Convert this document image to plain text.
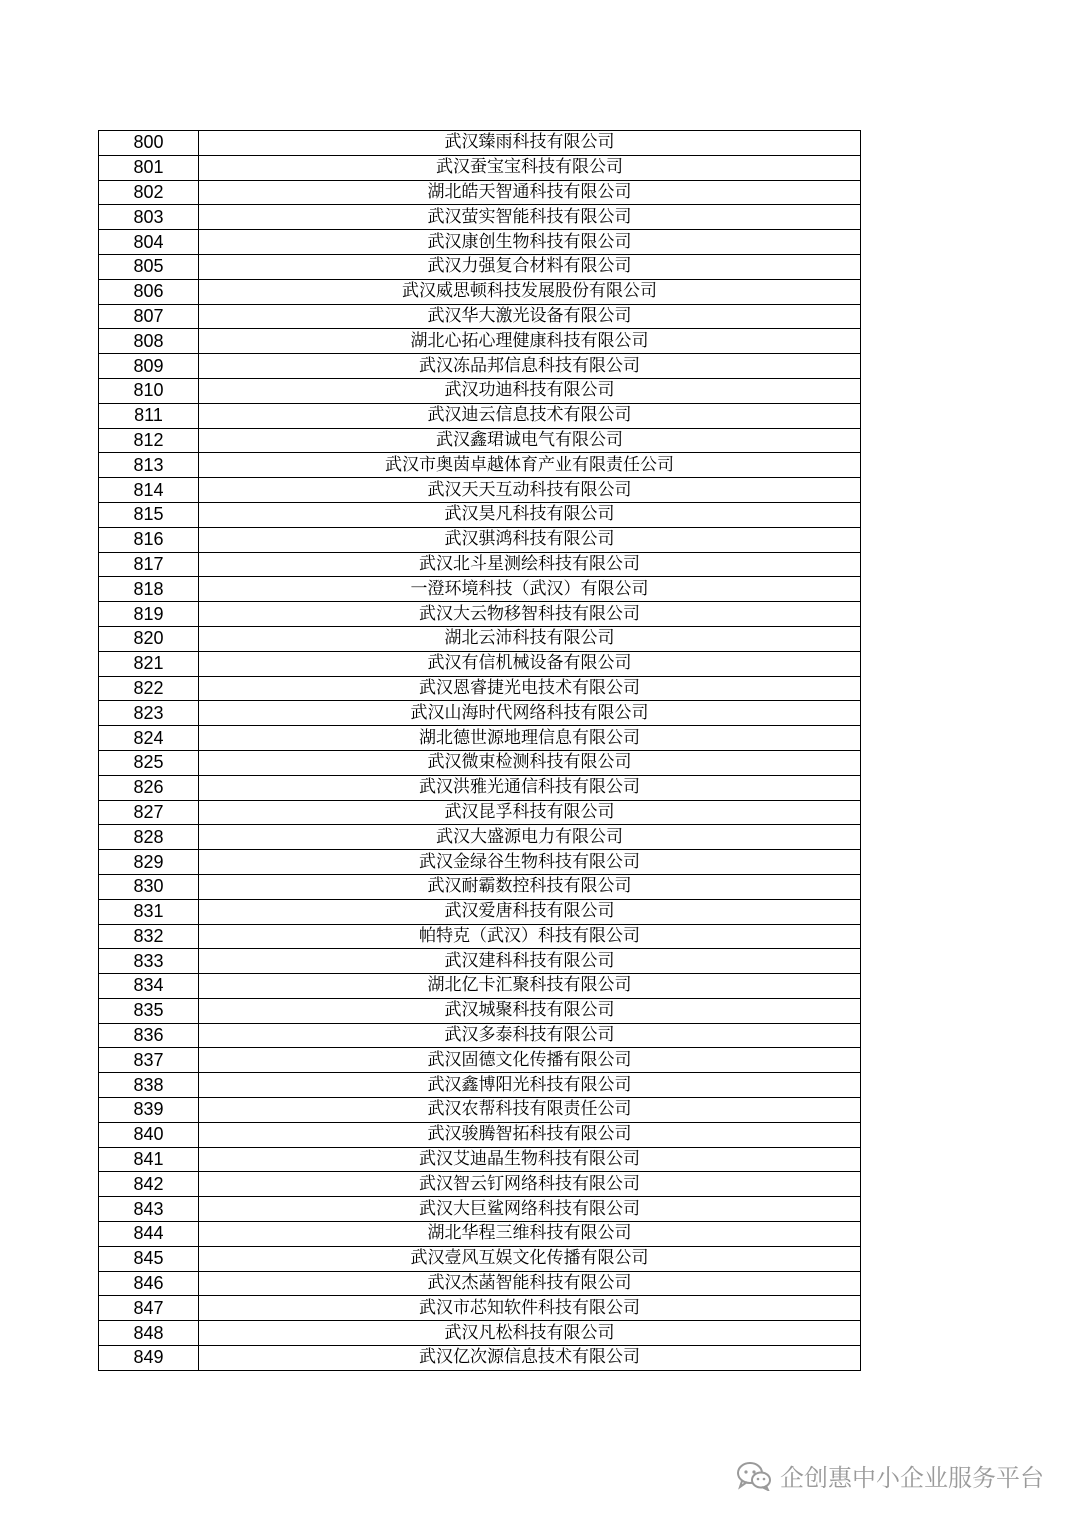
800	武汉臻雨科技有限公司
801	武汉蚕宝宝科技有限公司
802	湖北皓天智通科技有限公司
803	武汉萤实智能科技有限公司
804	武汉康创生物科技有限公司
805	武汉力强复合材料有限公司
806	武汉威思顿科技发展股份有限公司
807	武汉华大激光设备有限公司
808	湖北心拓心理健康科技有限公司
809	武汉冻品邦信息科技有限公司
810	武汉功迪科技有限公司
811	武汉迪云信息技术有限公司
812	武汉鑫珺诚电气有限公司
813	武汉市奥茵卓越体育产业有限责任公司
814	武汉天天互动科技有限公司
815	武汉昊凡科技有限公司
816	武汉骐鸿科技有限公司
817	武汉北斗星测绘科技有限公司
818	一澄环境科技（武汉）有限公司
819	武汉大云物移智科技有限公司
820	湖北云沛科技有限公司
821	武汉有信机械设备有限公司
822	武汉恩睿捷光电技术有限公司
823	武汉山海时代网络科技有限公司
824	湖北德世源地理信息有限公司
825	武汉微束检测科技有限公司
826	武汉洪雅光通信科技有限公司
827	武汉昆孚科技有限公司
828	武汉大盛源电力有限公司
829	武汉金绿谷生物科技有限公司
830	武汉耐霸数控科技有限公司
831	武汉爱唐科技有限公司
832	帕特克（武汉）科技有限公司
833	武汉建科科技有限公司
834	湖北亿卡汇聚科技有限公司
835	武汉城聚科技有限公司
836	武汉多泰科技有限公司
837	武汉固德文化传播有限公司
838	武汉鑫博阳光科技有限公司
839	武汉农帮科技有限责任公司
840	武汉骏腾智拓科技有限公司
841	武汉艾迪晶生物科技有限公司
842	武汉智云钉网络科技有限公司
843	武汉大巨鲨网络科技有限公司
844	湖北华程三维科技有限公司
845	武汉壹风互娱文化传播有限公司
846	武汉杰菡智能科技有限公司
847	武汉市芯知软件科技有限公司
848	武汉凡松科技有限公司
849	武汉亿次源信息技术有限公司
企创惠中小企业服务平台
